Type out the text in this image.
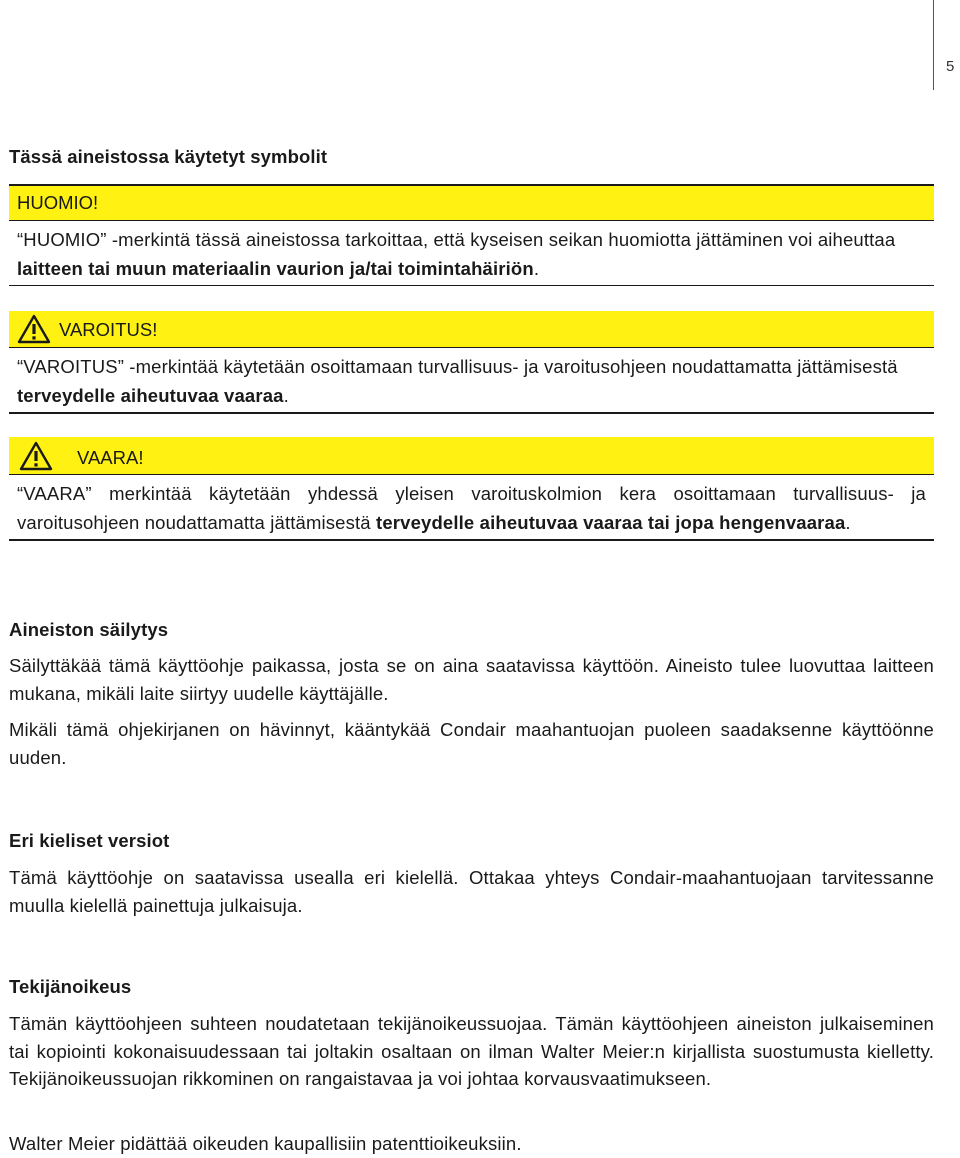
5
Tässä aineistossa käytetyt symbolit
HUOMIO!
“HUOMIO” -merkintä tässä aineistossa tarkoittaa, että kyseisen seikan huomiotta jättäminen voi aiheuttaa laitteen tai muun materiaalin vaurion ja/tai toimintahäiriön.
VAROITUS!
“VAROITUS” -merkintää käytetään osoittamaan turvallisuus- ja varoitusohjeen noudattamatta jättämisestä terveydelle aiheutuvaa vaaraa.
VAARA!
“VAARA” merkintää käytetään yhdessä yleisen varoituskolmion kera osoittamaan turvallisuus- ja varoitusohjeen noudattamatta jättämisestä terveydelle aiheutuvaa vaaraa tai jopa hengenvaaraa.
Aineiston säilytys
Säilyttäkää tämä käyttöohje paikassa, josta se on aina saatavissa käyttöön. Aineisto tulee luovuttaa laitteen mukana, mikäli laite siirtyy uudelle käyttäjälle.
Mikäli tämä ohjekirjanen on hävinnyt, kääntykää Condair maahantuojan puoleen saadaksenne käyttöönne uuden.
Eri kieliset versiot
Tämä käyttöohje on saatavissa usealla eri kielellä. Ottakaa yhteys Condair-maahantuojaan tarvitessanne muulla kielellä painettuja julkaisuja.
Tekijänoikeus
Tämän käyttöohjeen suhteen noudatetaan tekijänoikeussuojaa. Tämän käyttöohjeen aineiston julkaiseminen tai kopiointi kokonaisuudessaan tai joltakin osaltaan on ilman Walter Meier:n kirjallista suostumusta kielletty. Tekijänoikeussuojan rikkominen on rangaistavaa ja voi johtaa korvausvaatimukseen.
Walter Meier pidättää oikeuden kaupallisiin patenttioikeuksiin.
